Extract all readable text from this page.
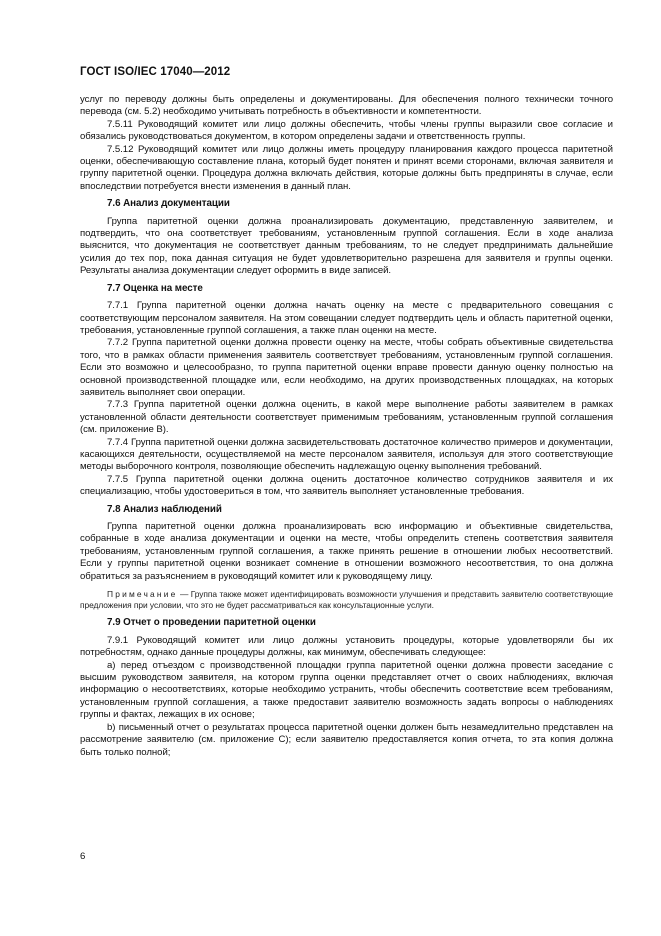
ГОСТ ISO/IEC 17040—2012

услуг по переводу должны быть определены и документированы. Для обеспечения полного технически точного перевода (см. 5.2) необходимо учитывать потребность в объективности и компетентности.

7.5.11 Руководящий комитет или лицо должны обеспечить, чтобы члены группы выразили свое согласие и обязались руководствоваться документом, в котором определены задачи и ответственность группы.

7.5.12 Руководящий комитет или лицо должны иметь процедуру планирования каждого процесса паритетной оценки, обеспечивающую составление плана, который будет понятен и принят всеми сторонами, включая заявителя и группу паритетной оценки. Процедура должна включать действия, которые должны быть предприняты в случае, если впоследствии потребуется внести изменения в данный план.

7.6 Анализ документации

Группа паритетной оценки должна проанализировать документацию, представленную заявителем, и подтвердить, что она соответствует требованиям, установленным группой соглашения. Если в ходе анализа выяснится, что документация не соответствует данным требованиям, то не следует предпринимать дальнейшие усилия до тех пор, пока данная ситуация не будет удовлетворительно разрешена для заявителя и группы оценки. Результаты анализа документации следует оформить в виде записей.

7.7 Оценка на месте

7.7.1 Группа паритетной оценки должна начать оценку на месте с предварительного совещания с соответствующим персоналом заявителя. На этом совещании следует подтвердить цель и область паритетной оценки, требования, установленные группой соглашения, а также план оценки на месте.

7.7.2 Группа паритетной оценки должна провести оценку на месте, чтобы собрать объективные свидетельства того, что в рамках области применения заявитель соответствует требованиям, установленным группой соглашения. Если это возможно и целесообразно, то группа паритетной оценки вправе провести данную оценку полностью на основной производственной площадке или, если необходимо, на других производственных площадках, на которых заявитель выполняет свои операции.

7.7.3 Группа паритетной оценки должна оценить, в какой мере выполнение работы заявителем в рамках установленной области деятельности соответствует применимым требованиям, установленным группой соглашения (см. приложение B).

7.7.4 Группа паритетной оценки должна засвидетельствовать достаточное количество примеров и документации, касающихся деятельности, осуществляемой на месте персоналом заявителя, используя для этого соответствующие методы выборочного контроля, позволяющие обеспечить надлежащую оценку выполнения требований.

7.7.5 Группа паритетной оценки должна оценить достаточное количество сотрудников заявителя и их специализацию, чтобы удостовериться в том, что заявитель выполняет установленные требования.

7.8 Анализ наблюдений

Группа паритетной оценки должна проанализировать всю информацию и объективные свидетельства, собранные в ходе анализа документации и оценки на месте, чтобы определить степень соответствия заявителя требованиям, установленным группой соглашения, а также принять решение в отношении любых несоответствий. Если у группы паритетной оценки возникает сомнение в отношении возможного несоответствия, то она должна обратиться за разъяснением в руководящий комитет или к руководящему лицу.

Примечание — Группа также может идентифицировать возможности улучшения и представить заявителю соответствующие предложения при условии, что это не будет рассматриваться как консультационные услуги.

7.9 Отчет о проведении паритетной оценки

7.9.1 Руководящий комитет или лицо должны установить процедуры, которые удовлетворяли бы их потребностям, однако данные процедуры должны, как минимум, обеспечивать следующее:

a) перед отъездом с производственной площадки группа паритетной оценки должна провести заседание с высшим руководством заявителя, на котором группа оценки представляет отчет о своих наблюдениях, включая информацию о несоответствиях, которые необходимо устранить, чтобы обеспечить соответствие всем требованиям, установленным группой соглашения, а также предоставит заявителю возможность задать вопросы о наблюдениях группы и фактах, лежащих в их основе;

b) письменный отчет о результатах процесса паритетной оценки должен быть незамедлительно представлен на рассмотрение заявителю (см. приложение C); если заявителю предоставляется копия отчета, то эта копия должна быть только полной;

6
